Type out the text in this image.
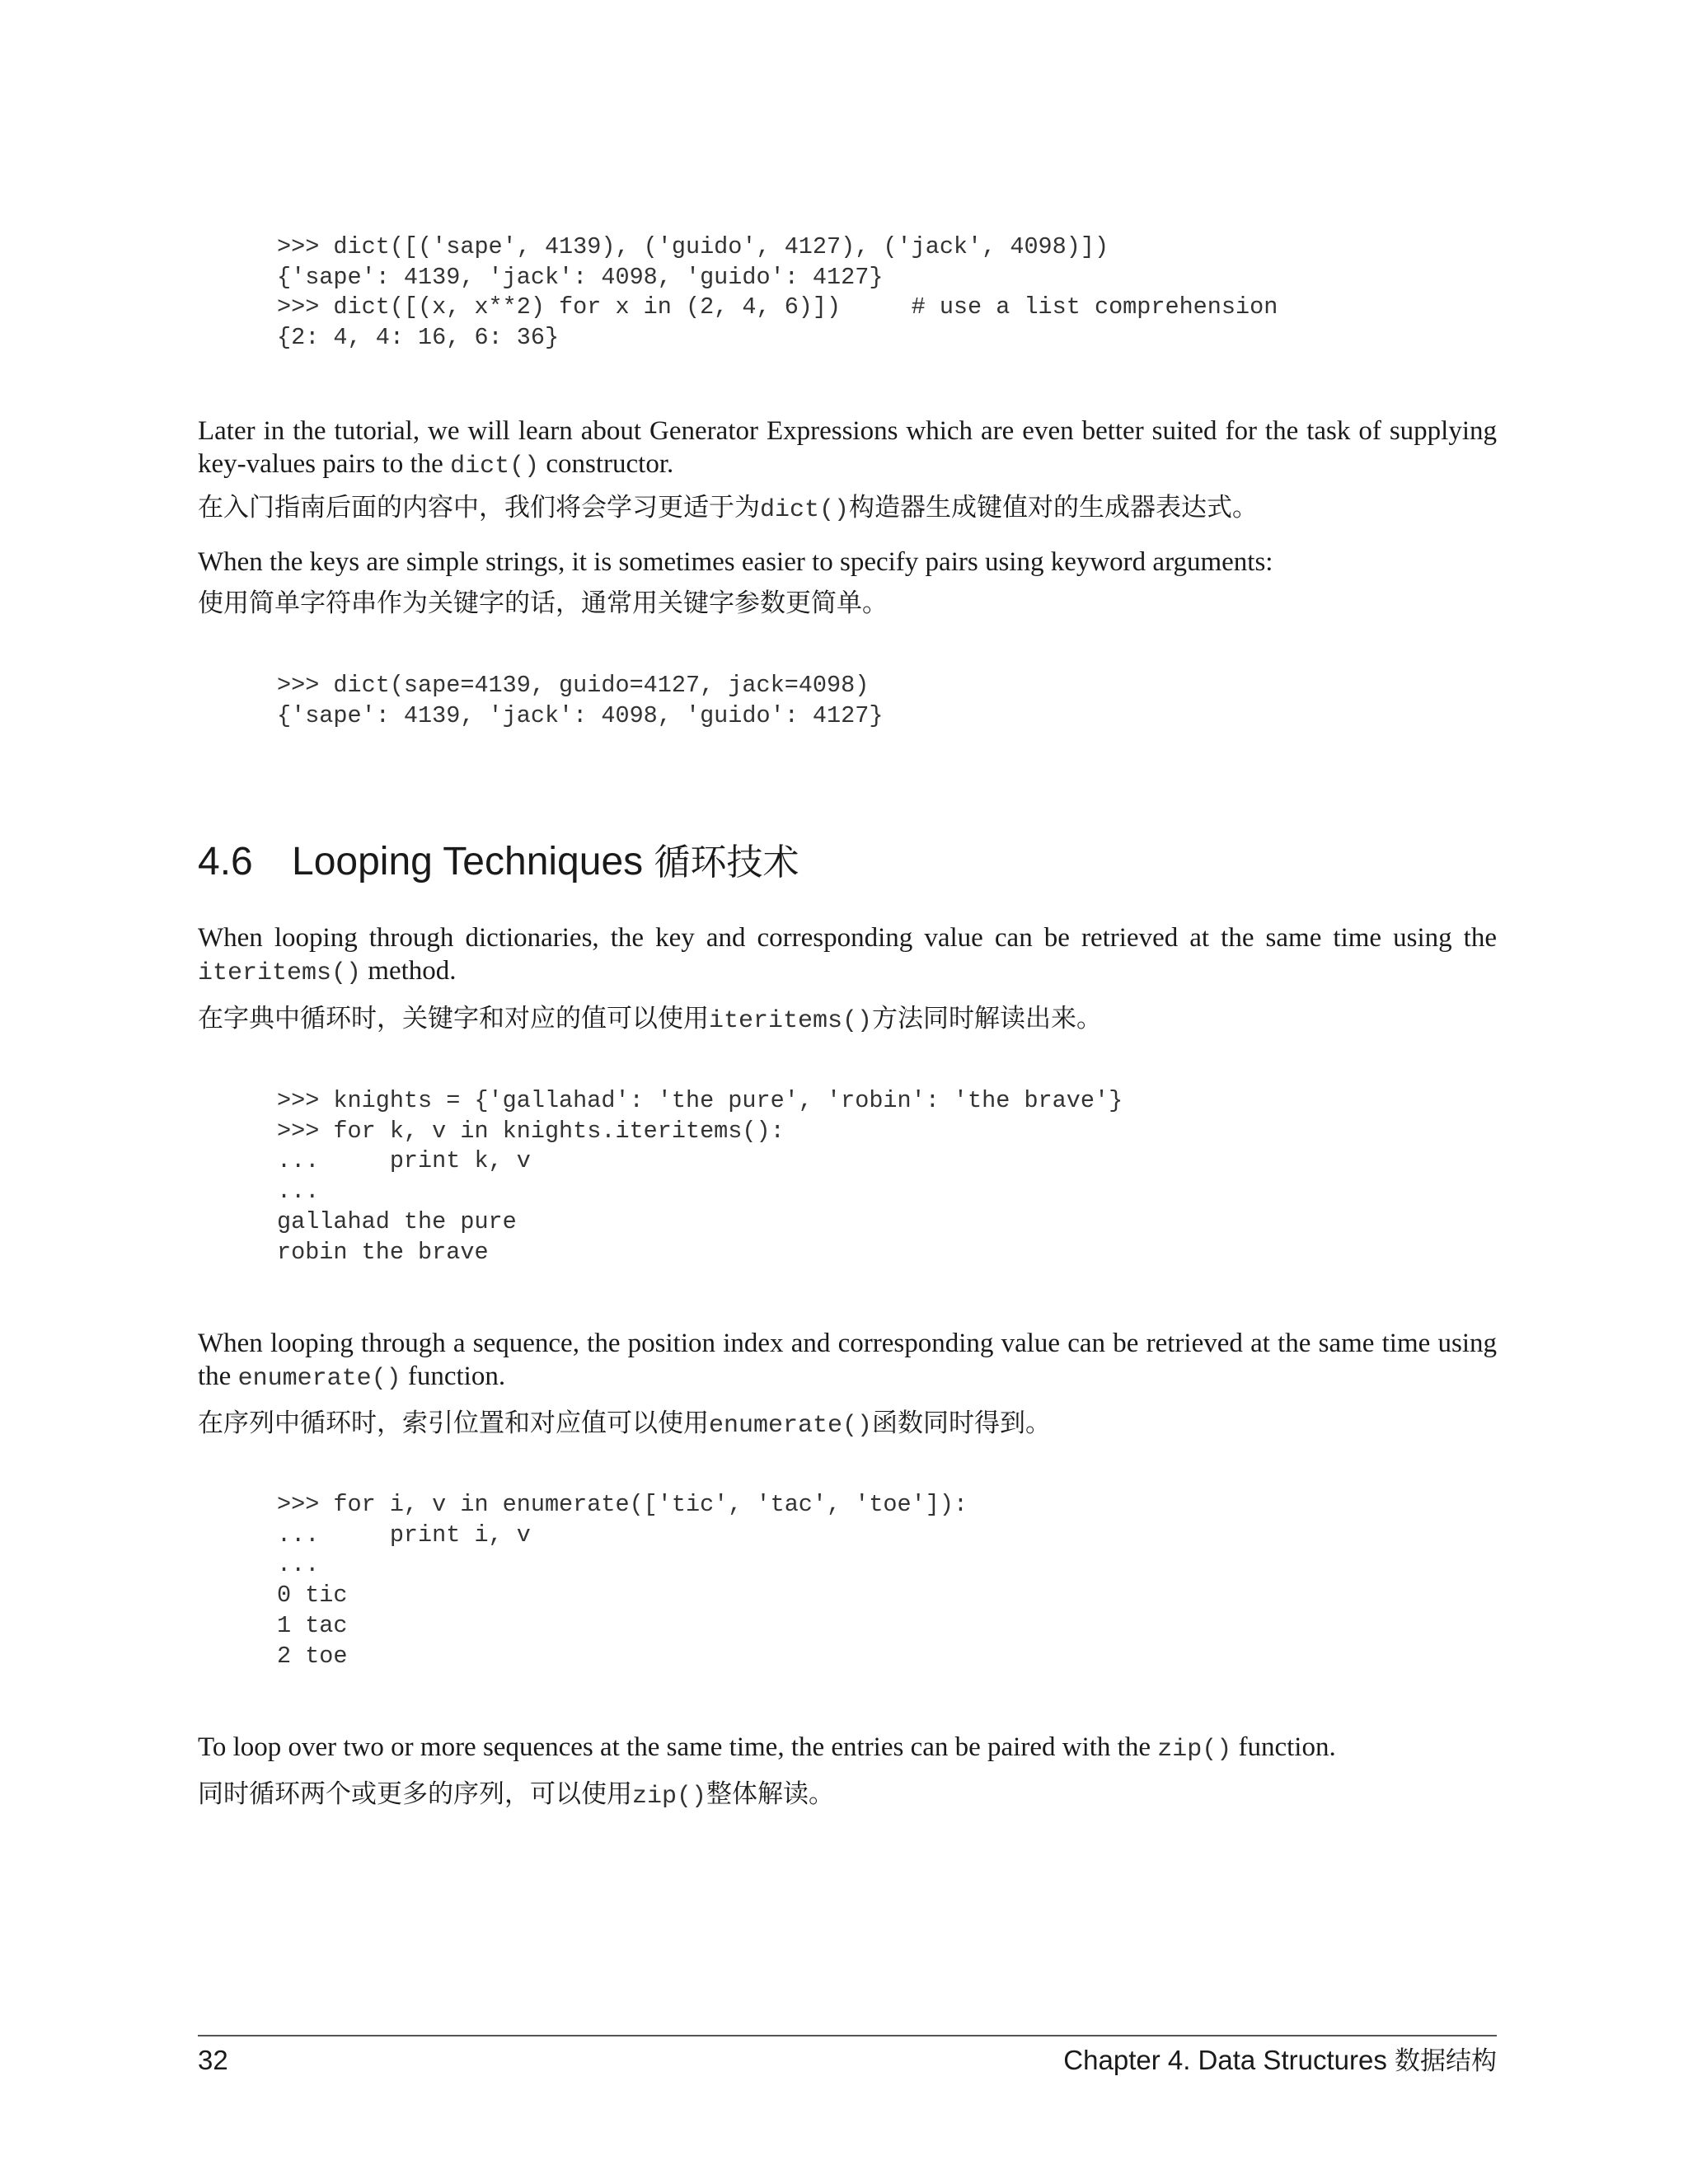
>>> dict([('sape', 4139), ('guido', 4127), ('jack', 4098)])
{'sape': 4139, 'jack': 4098, 'guido': 4127}
>>> dict([(x, x**2) for x in (2, 4, 6)])     # use a list comprehension
{2: 4, 4: 16, 6: 36}

Later in the tutorial, we will learn about Generator Expressions which are even better suited for the task of supplying key-values pairs to the dict() constructor.

在入门指南后面的内容中，我们将会学习更适于为dict()构造器生成键值对的生成器表达式。

When the keys are simple strings, it is sometimes easier to specify pairs using keyword arguments:

使用简单字符串作为关键字的话，通常用关键字参数更简单。

>>> dict(sape=4139, guido=4127, jack=4098)
{'sape': 4139, 'jack': 4098, 'guido': 4127}
4.6 Looping Techniques 循环技术

When looping through dictionaries, the key and corresponding value can be retrieved at the same time using the iteritems() method.

在字典中循环时，关键字和对应的值可以使用iteritems()方法同时解读出来。

>>> knights = {'gallahad': 'the pure', 'robin': 'the brave'}
>>> for k, v in knights.iteritems():
...     print k, v
...
gallahad the pure
robin the brave

When looping through a sequence, the position index and corresponding value can be retrieved at the same time using the enumerate() function.

在序列中循环时，索引位置和对应值可以使用enumerate()函数同时得到。

>>> for i, v in enumerate(['tic', 'tac', 'toe']):
...     print i, v
...
0 tic
1 tac
2 toe

To loop over two or more sequences at the same time, the entries can be paired with the zip() function.

同时循环两个或更多的序列，可以使用zip()整体解读。

32	Chapter 4. Data Structures 数据结构
